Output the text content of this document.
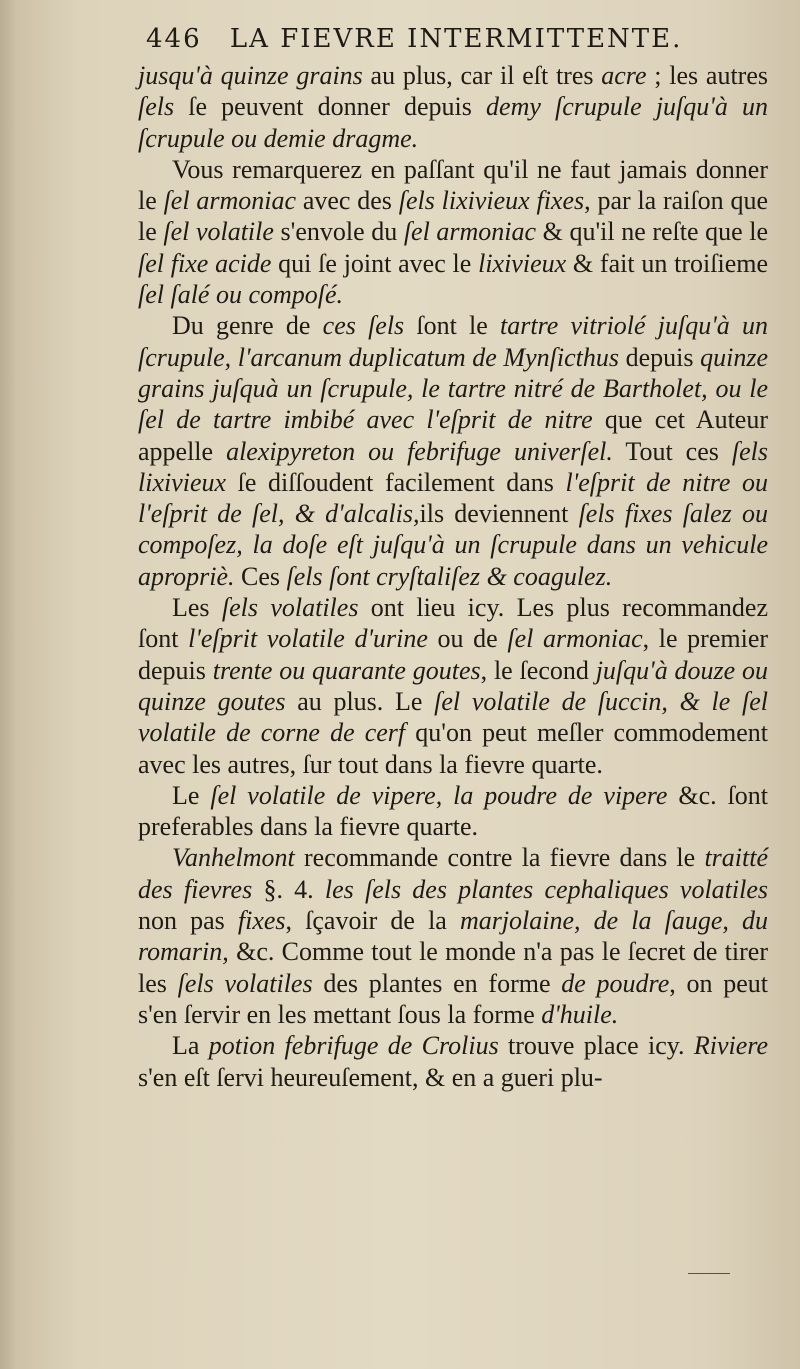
446 LA FIEVRE INTERMITTENTE.

jusqu'à quinze grains au plus, car il eſt tres acre ; les autres ſels ſe peuvent donner depuis demy ſcrupule juſqu'à un ſcrupule ou demie dragme.

Vous remarquerez en paſſant qu'il ne faut jamais donner le ſel armoniac avec des ſels lixivieux fixes, par la raiſon que le ſel volatile s'envole du ſel armoniac & qu'il ne reſte que le ſel fixe acide qui ſe joint avec le lixivieux & fait un troiſieme ſel ſalé ou compoſé.

Du genre de ces ſels ſont le tartre vitriolé juſqu'à un ſcrupule, l'arcanum duplicatum de Mynſicthus depuis quinze grains juſquà un ſcrupule, le tartre nitré de Bartholet, ou le ſel de tartre imbibé avec l'eſprit de nitre que cet Auteur appelle alexipyreton ou febrifuge univerſel. Tout ces ſels lixivieux ſe diſſoudent facilement dans l'eſprit de nitre ou l'eſprit de ſel, & d'alcalis,ils deviennent ſels fixes ſalez ou compoſez, la doſe eſt juſqu'à un ſcrupule dans un vehicule apropriè. Ces ſels ſont cryſtaliſez & coagulez.

Les ſels volatiles ont lieu icy. Les plus recommandez ſont l'eſprit volatile d'urine ou de ſel armoniac, le premier depuis trente ou quarante goutes, le ſecond juſqu'à douze ou quinze goutes au plus. Le ſel volatile de ſuccin, & le ſel volatile de corne de cerf qu'on peut meſler commodement avec les autres, ſur tout dans la fievre quarte.

Le ſel volatile de vipere, la poudre de vipere &c. ſont preferables dans la fievre quarte.

Vanhelmont recommande contre la fievre dans le traitté des fievres §. 4. les ſels des plantes cephaliques volatiles non pas fixes, ſçavoir de la marjolaine, de la ſauge, du romarin, &c. Comme tout le monde n'a pas le ſecret de tirer les ſels volatiles des plantes en forme de poudre, on peut s'en ſervir en les mettant ſous la forme d'huile.

La potion febrifuge de Crolius trouve place icy. Riviere s'en eſt ſervi heureuſement, & en a gueri plu-
